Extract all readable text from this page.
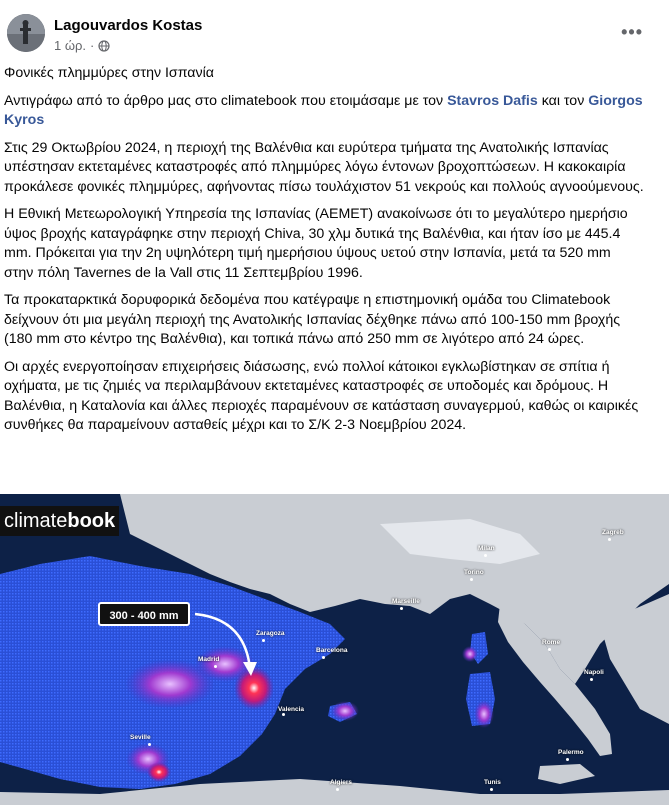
Lagouvardos Kostas
1 ώρ. ·
•••

Φονικές πλημμύρες στην Ισπανία

Αντιγράφω από το άρθρο μας στο climatebook που ετοιμάσαμε με τον Stavros Dafis και τον Giorgos Kyros

Στις 29 Οκτωβρίου 2024, η περιοχή της Βαλένθια και ευρύτερα τμήματα της Ανατολικής Ισπανίας υπέστησαν εκτεταμένες καταστροφές από πλημμύρες λόγω έντονων βροχοπτώσεων. Η κακοκαιρία προκάλεσε φονικές πλημμύρες, αφήνοντας πίσω τουλάχιστον 51 νεκρούς και πολλούς αγνοούμενους.

Η Εθνική Μετεωρολογική Υπηρεσία της Ισπανίας (AEMET) ανακοίνωσε ότι το μεγαλύτερο ημερήσιο ύψος βροχής καταγράφηκε στην περιοχή Chiva, 30 χλμ δυτικά της Βαλένθια, και ήταν ίσο με 445.4 mm. Πρόκειται για την 2η υψηλότερη τιμή ημερήσιου ύψους υετού στην Ισπανία, μετά τα 520 mm στην πόλη Tavernes de la Vall στις 11 Σεπτεμβρίου 1996.

Τα προκαταρκτικά δορυφορικά δεδομένα που κατέγραψε η επιστημονική ομάδα του Climatebook δείχνουν ότι μια μεγάλη περιοχή της Ανατολικής Ισπανίας δέχθηκε πάνω από 100-150 mm βροχής (180 mm στο κέντρο της Βαλένθια), και τοπικά πάνω από 250 mm σε λιγότερο από 24 ώρες.

Οι αρχές ενεργοποίησαν επιχειρήσεις διάσωσης, ενώ πολλοί κάτοικοι εγκλωβίστηκαν σε σπίτια ή οχήματα, με τις ζημιές να περιλαμβάνουν εκτεταμένες καταστροφές σε υποδομές και δρόμους. Η Βαλένθια, η Καταλονία και άλλες περιοχές παραμένουν σε κατάσταση συναγερμού, καθώς οι καιρικές συνθήκες θα παραμείνουν ασταθείς μέχρι και το Σ/Κ 2-3 Νοεμβρίου 2024.

climatebook
300 - 400 mm
Madrid
Zaragoza
Barcelona
Valencia
Seville
Marseille
Milan
Torino
Rome
Napoli
Palermo
Zagreb
Algiers	Tunis
